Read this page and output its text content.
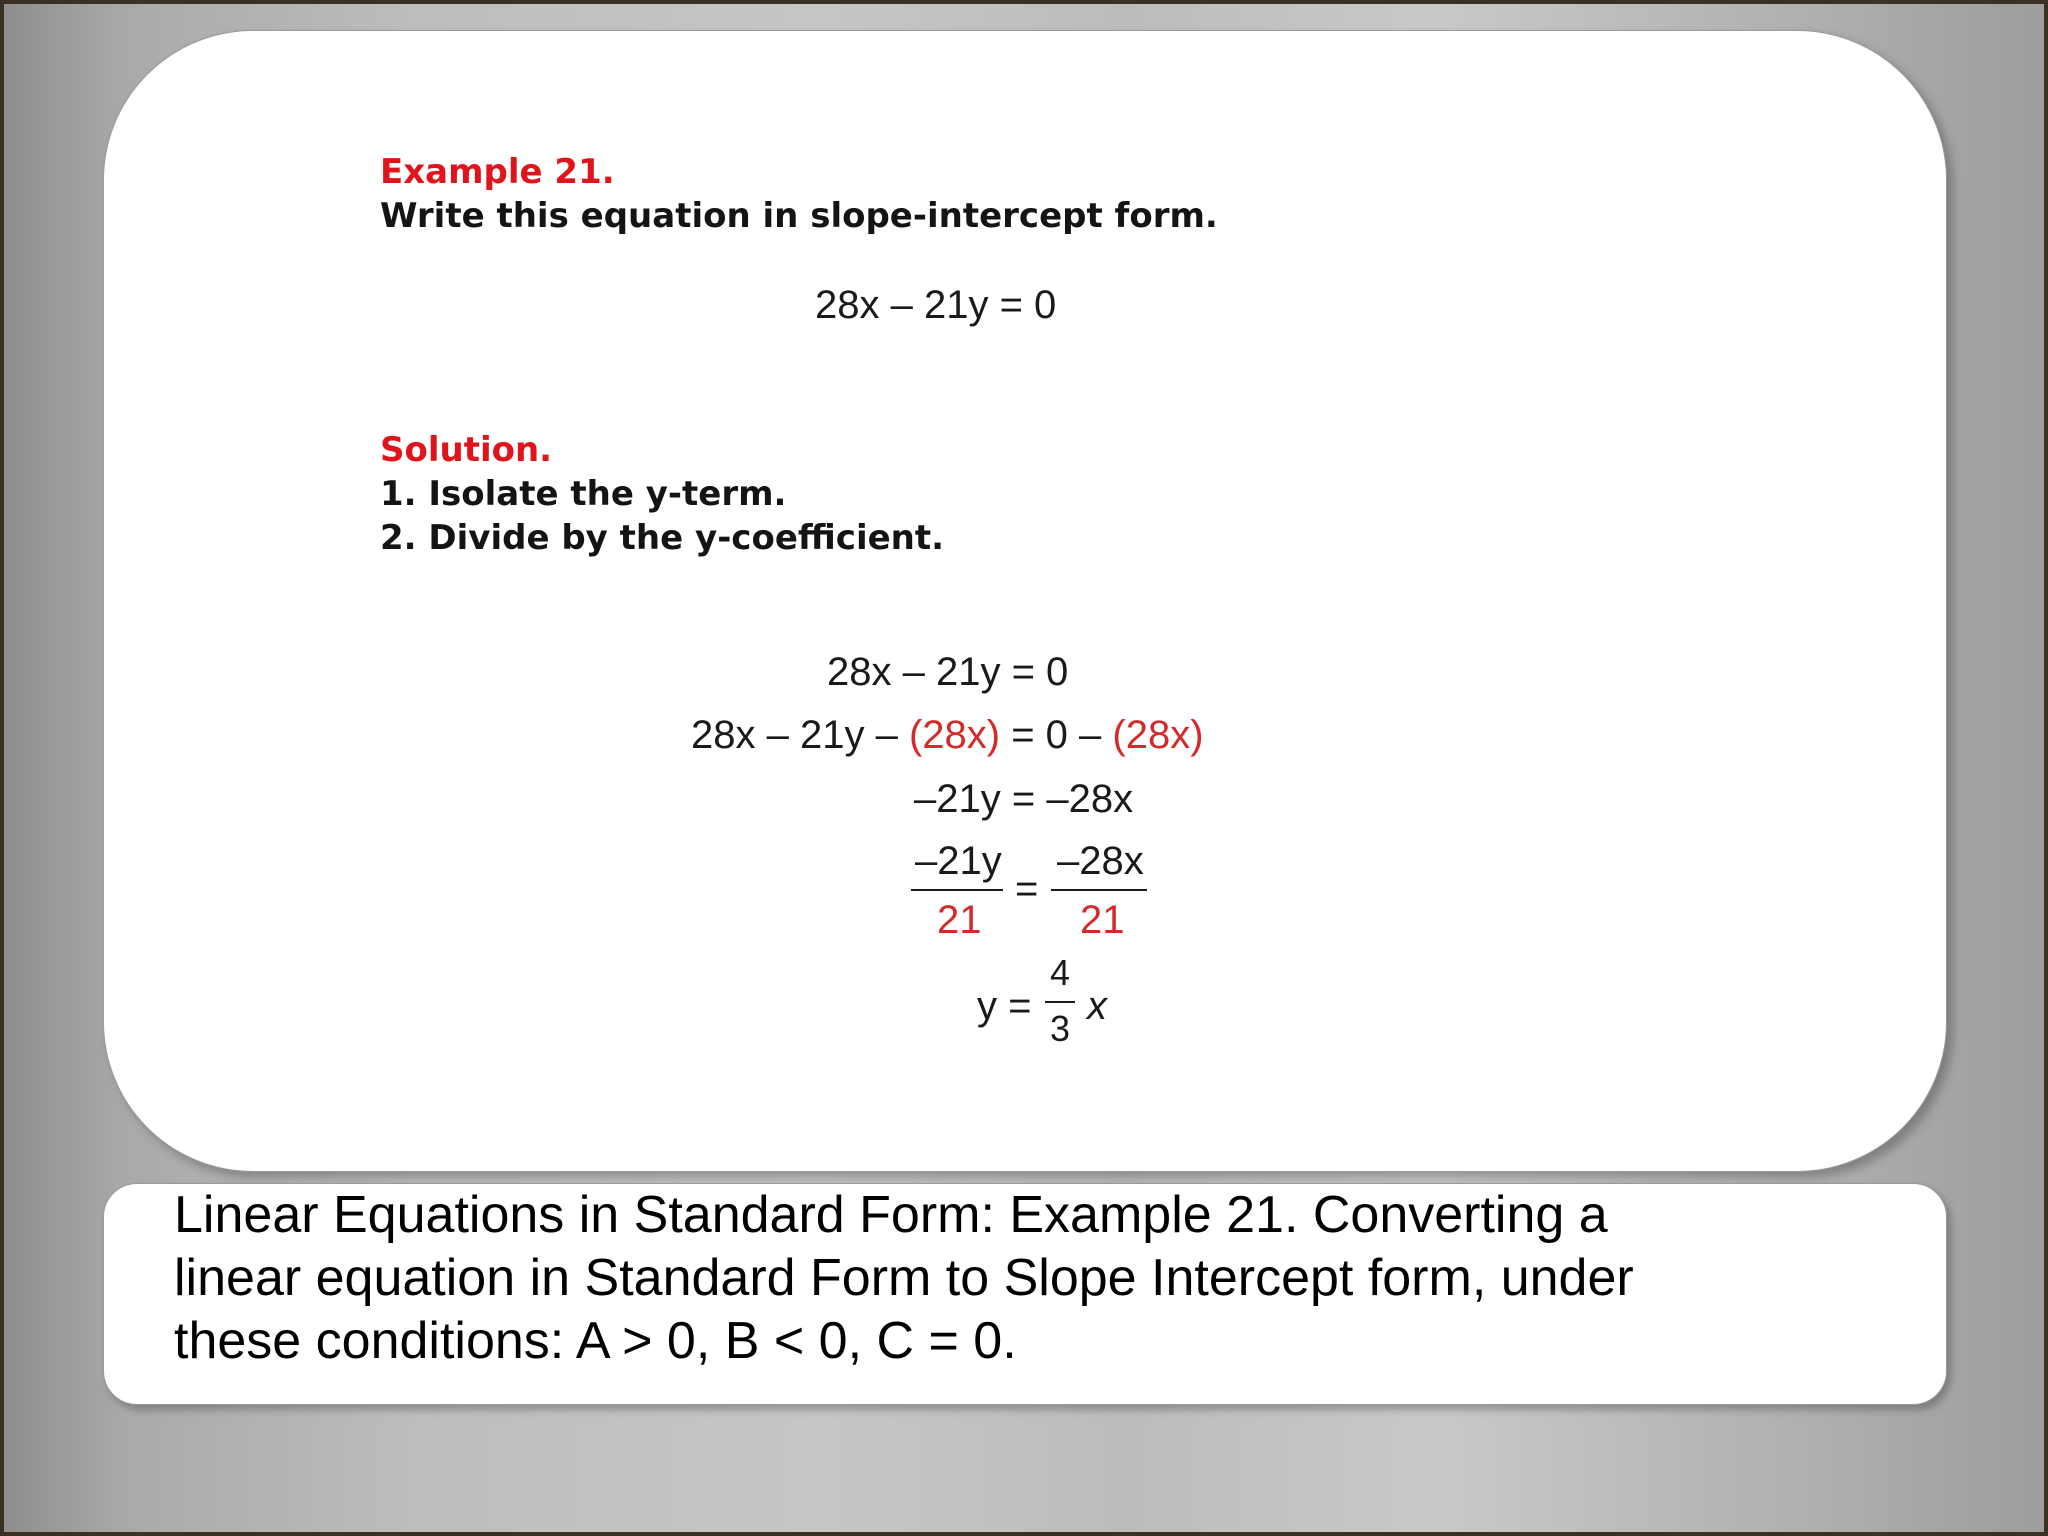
Example 21.
Write this equation in slope-intercept form.
28x – 21y = 0
Solution.
1. Isolate the y-term.
2. Divide by the y-coefficient.
28x – 21y = 0
28x – 21y – (28x) = 0 – (28x)
–21y = –28x
–21y
21
=
–28x
21
y =
4
3
x
Linear Equations in Standard Form: Example 21. Converting a
linear equation in Standard Form to Slope Intercept form, under
these conditions: A > 0, B < 0, C = 0.
